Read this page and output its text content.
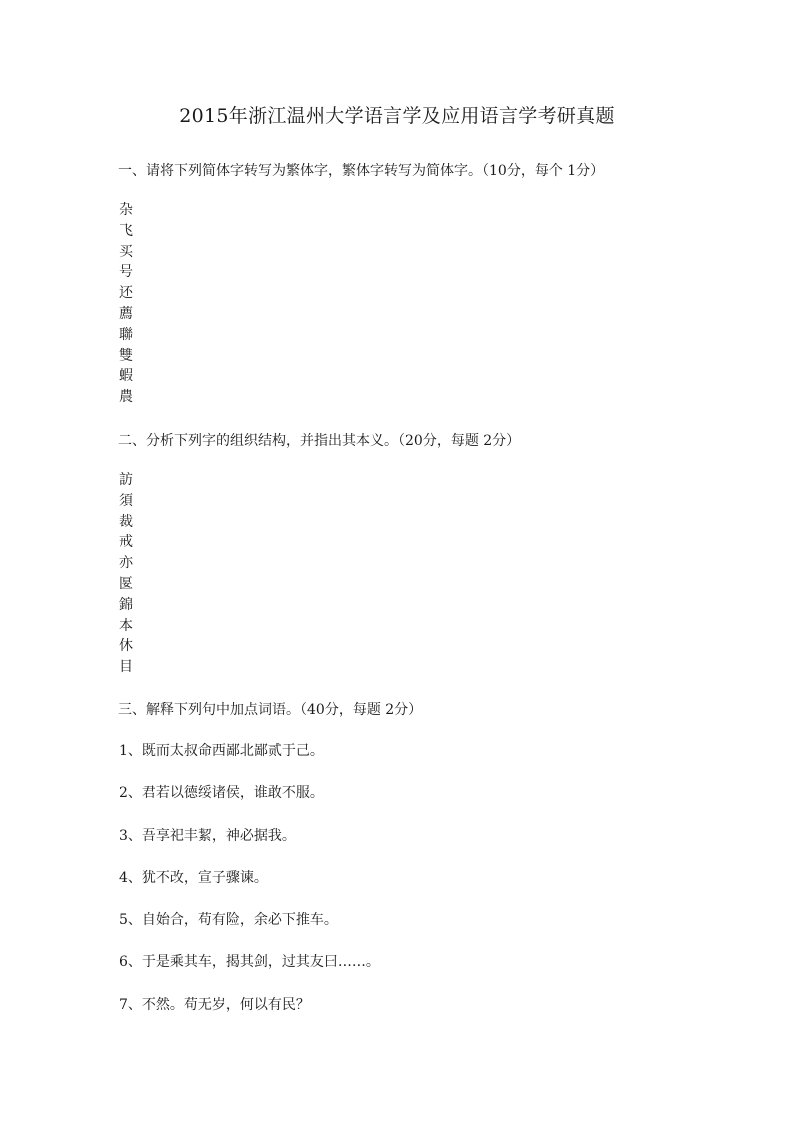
2015年浙江温州大学语言学及应用语言学考研真题
一、请将下列简体字转写为繁体字，繁体字转写为简体字。（10分，每个 1分）
杂
飞
买
号
还
薦
聯
雙
蝦
農
二、分析下列字的组织结构，并指出其本义。（20分，每题 2分）
訪
須
裁
戒
亦
匽
錦
本
休
目
三、解释下列句中加点词语。（40分，每题 2分）
1、既而太叔命西鄙北鄙贰于己。
2、君若以德绥诸侯，谁敢不服。
3、吾享祀丰絜，神必据我。
4、犹不改，宣子骤谏。
5、自始合，苟有险，余必下推车。
6、于是乘其车，揭其剑，过其友曰……。
7、不然。苟无岁，何以有民？
